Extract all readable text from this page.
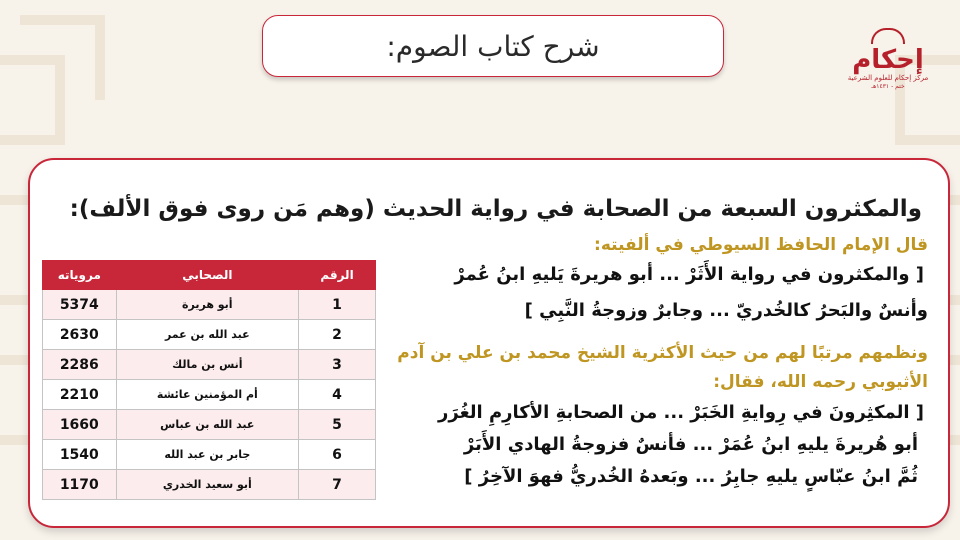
إحكام
مركز إحكام للعلوم الشرعية
ختم - ١٤٣١هـ
شرح كتاب الصوم:
والمكثرون السبعة من الصحابة في رواية الحديث (وهم مَن روى فوق الألف):
قال الإمام الحافظ السيوطي في ألفيته:
[ والمكثرون في رواية الأَثَرْ ... أبو هريرةَ يَليهِ ابنُ عُمرْ
وأنسٌ والبَحرُ كالخُدريّ ... وجابرٌ وزوجةُ النَّبِي ]
ونظمهم مرتبًا لهم من حيث الأكثرية الشيخ محمد بن علي بن آدم
الأثيوبي رحمه الله، فقال:
[ المكثِرونَ في رِوايةِ الخَبَرْ ... من الصحابةِ الأكارِمِ الغُرَر
أبو هُريرةَ يليهِ ابنُ عُمَرْ ... فأنسٌ فزوجةُ الهادي الأَبَرْ
ثُمَّ ابنُ عبّاسٍ يليهِ جابِرُ ... وبَعدهُ الخُدريُّ فهوَ الآخِرُ ]
مروياته	الصحابي	الرقم
5374	أبو هريرة	1
2630	عبد الله بن عمر	2
2286	أنس بن مالك	3
2210	أم المؤمنين عائشة	4
1660	عبد الله بن عباس	5
1540	جابر بن عبد الله	6
1170	أبو سعيد الخدري	7
